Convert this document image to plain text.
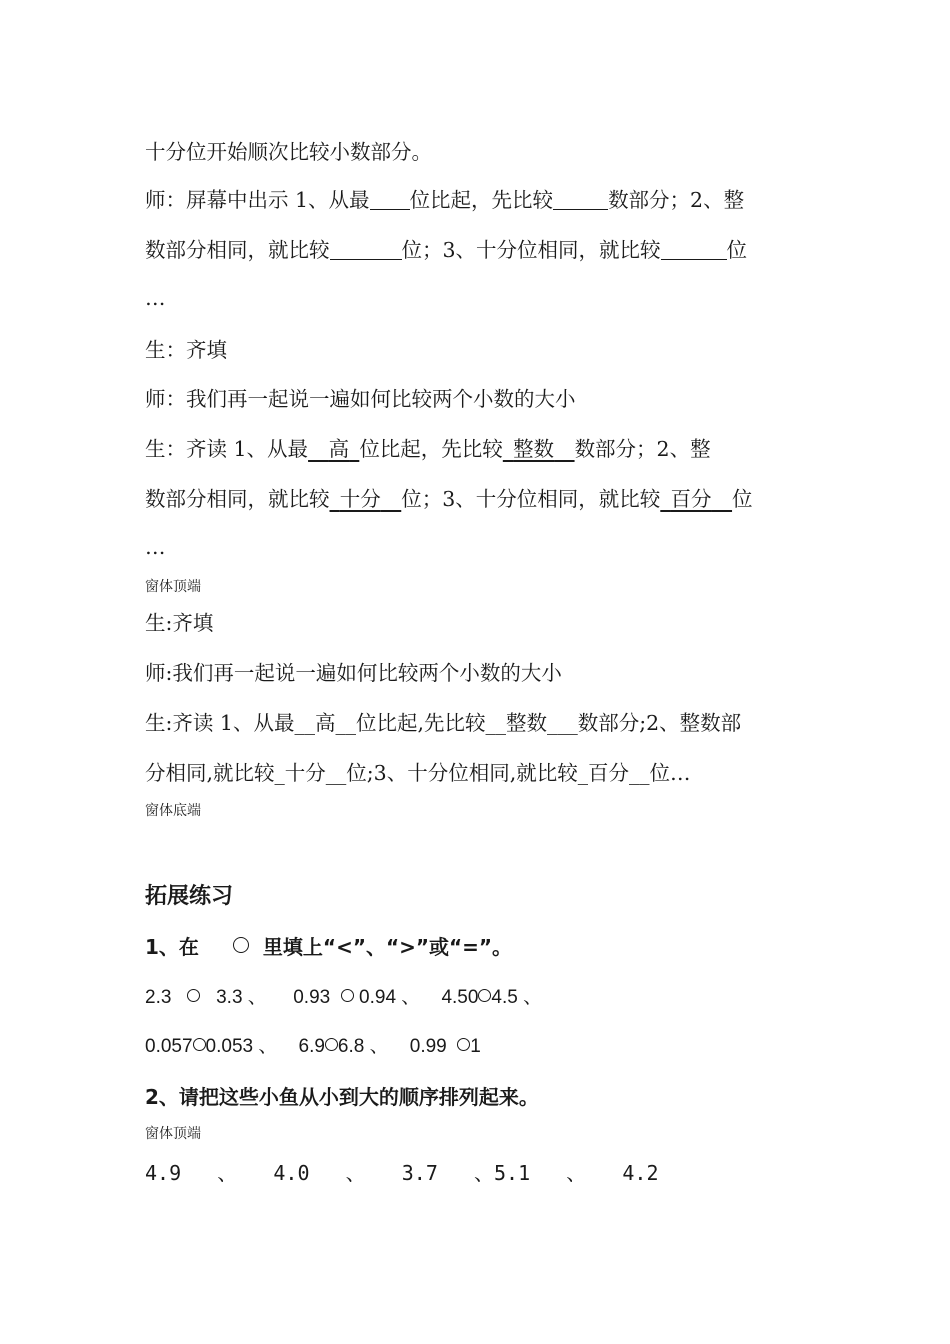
十分位开始顺次比较小数部分。
师：屏幕中出示 1、从最 位比起，先比较	数部分；2、整
数部分相同，就比较	位；3、十分位相同，就比较	位
…
生：齐填
师：我们再一起说一遍如何比较两个小数的大小
生：齐读 1、从最  高  位比起，先比较  整数  数部分；2、整
数部分相同，就比较  十分  位；3、十分位相同，就比较  百分  位
…
窗体顶端
生:齐填
师:我们再一起说一遍如何比较两个小数的大小
生:齐读 1、从最__高__位比起,先比较__整数___数部分;2、整数部
分相同,就比较_十分__位;3、十分位相同,就比较_百分__位…
窗体底端
拓展练习
1、在	里填上“<”、“>”或“=”。
2.3 3.3 、 0.93 0.94 、 4.50 4.5 、
0.057 0.053 、 6.9 6.8 、 0.99 1
2、请把这些小鱼从小到大的顺序排列起来。
窗体顶端
4.9 、 4.0 、 3.7 、5.1 、 4.2
